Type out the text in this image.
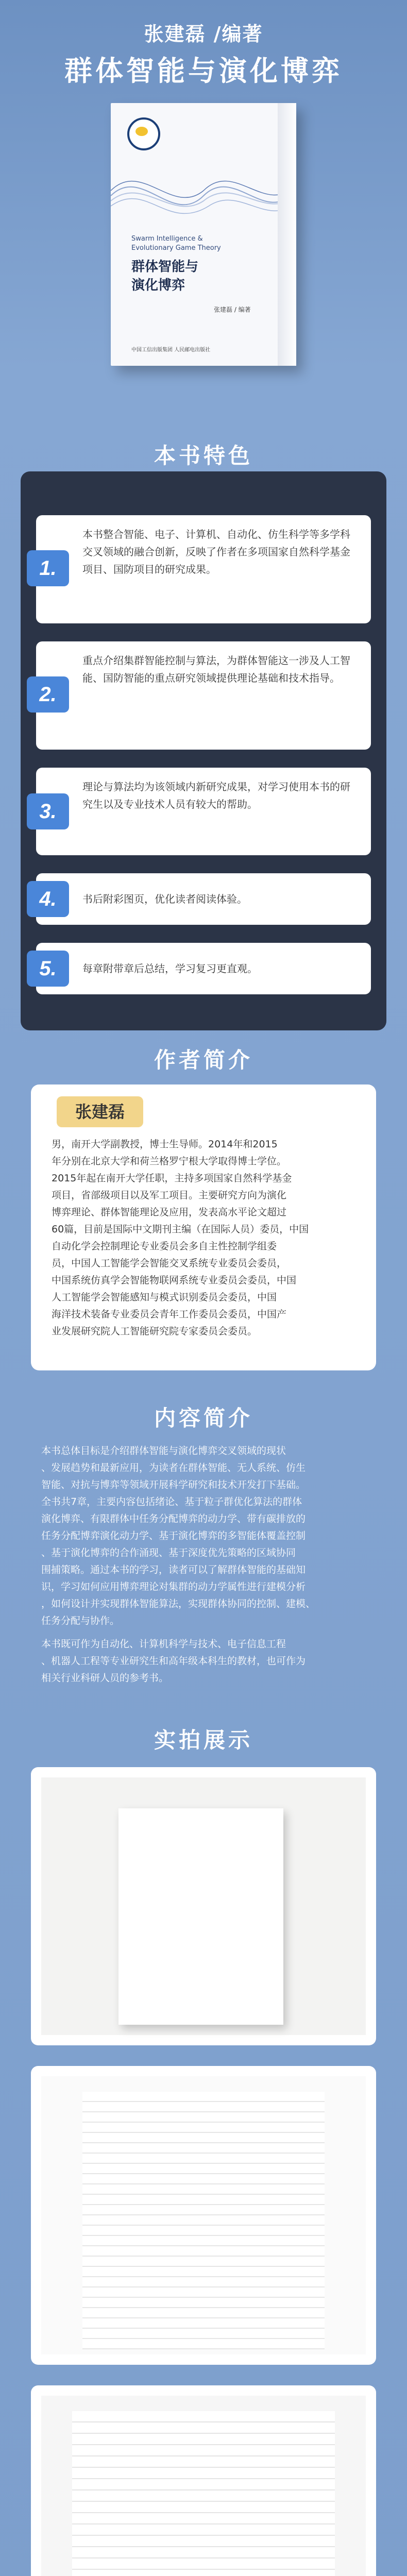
张建磊 /编著
群体智能与演化博弈
Swarm Intelligence &
Evolutionary Game Theory
群体智能与
演化博弈
张建磊 / 编著
中国工信出版集团 人民邮电出版社
本书特色
1.
本书整合智能、电子、计算机、自动化、仿生科学等多学科交叉领域的融合创新，反映了作者在多项国家自然科学基金项目、国防项目的研究成果。
2.
重点介绍集群智能控制与算法，为群体智能这一涉及人工智能、国防智能的重点研究领域提供理论基础和技术指导。
3.
理论与算法均为该领域内新研究成果，对学习使用本书的研究生以及专业技术人员有较大的帮助。
4.	书后附彩图页，优化读者阅读体验。
5.	每章附带章后总结，学习复习更直观。
作者简介
张建磊
男，南开大学副教授，博士生导师。2014年和2015
年分别在北京大学和荷兰格罗宁根大学取得博士学位。
2015年起在南开大学任职，主持多项国家自然科学基金
项目，省部级项目以及军工项目。主要研究方向为演化
博弈理论、群体智能理论及应用，发表高水平论文超过
60篇，目前是国际中文期刊主编（在国际人员）委员，中国
自动化学会控制理论专业委员会多自主性控制学组委
员，中国人工智能学会智能交叉系统专业委员会委员，
中国系统仿真学会智能物联网系统专业委员会委员，中国
人工智能学会智能感知与模式识别委员会委员，中国
海洋技术装备专业委员会青年工作委员会委员，中国产
业发展研究院人工智能研究院专家委员会委员。
内容简介
本书总体目标是介绍群体智能与演化博弈交叉领域的现状
、发展趋势和最新应用，为读者在群体智能、无人系统、仿生
智能、对抗与博弈等领域开展科学研究和技术开发打下基础。
全书共7章，主要内容包括绪论、基于粒子群优化算法的群体
演化博弈、有限群体中任务分配博弈的动力学、带有碳排放的
任务分配博弈演化动力学、基于演化博弈的多智能体覆盖控制
、基于演化博弈的合作涌现、基于深度优先策略的区域协同
围捕策略。通过本书的学习，读者可以了解群体智能的基础知
识，学习如何应用博弈理论对集群的动力学属性进行建模分析
，如何设计并实现群体智能算法，实现群体协同的控制、建模、
任务分配与协作。
本书既可作为自动化、计算机科学与技术、电子信息工程
、机器人工程等专业研究生和高年级本科生的教材，也可作为
相关行业科研人员的参考书。
实拍展示
